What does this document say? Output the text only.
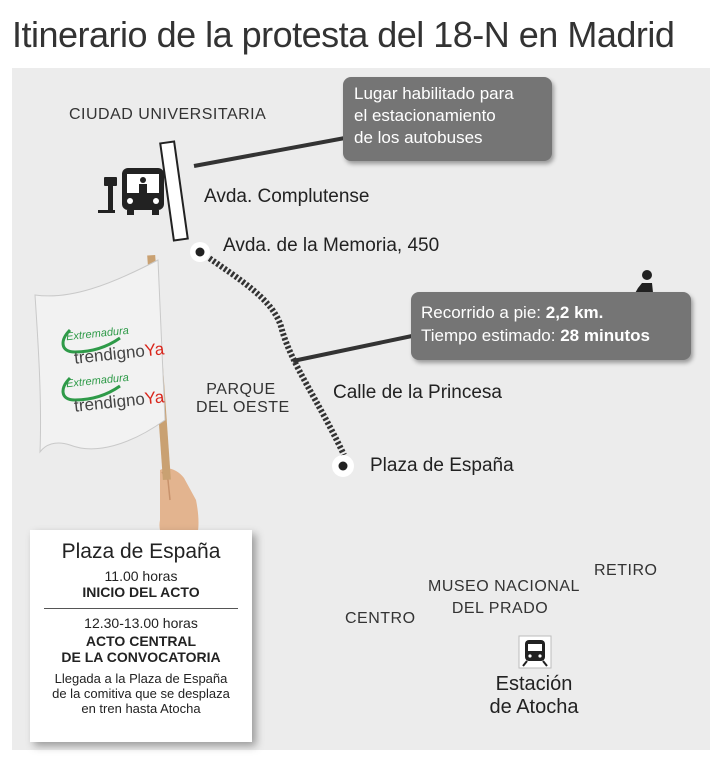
Itinerario de la protesta del 18-N en Madrid
Extremadura
trendignoYa
Extremadura
trendignoYa
CIUDAD UNIVERSITARIA
Avda. Complutense
Avda. de la Memoria, 450
PARQUE
DEL OESTE
Calle de la Princesa
Plaza de España
RETIRO
MUSEO NACIONAL
DEL PRADO
CENTRO
Estación
de Atocha
Lugar habilitado para
el estacionamiento
de los autobuses
Recorrido a pie: 2,2 km.
Tiempo estimado: 28 minutos
Plaza de España
11.00 horas
INICIO DEL ACTO
12.30-13.00 horas
ACTO CENTRAL
DE LA CONVOCATORIA
Llegada a la Plaza de España
de la comitiva que se desplaza
en tren hasta Atocha
